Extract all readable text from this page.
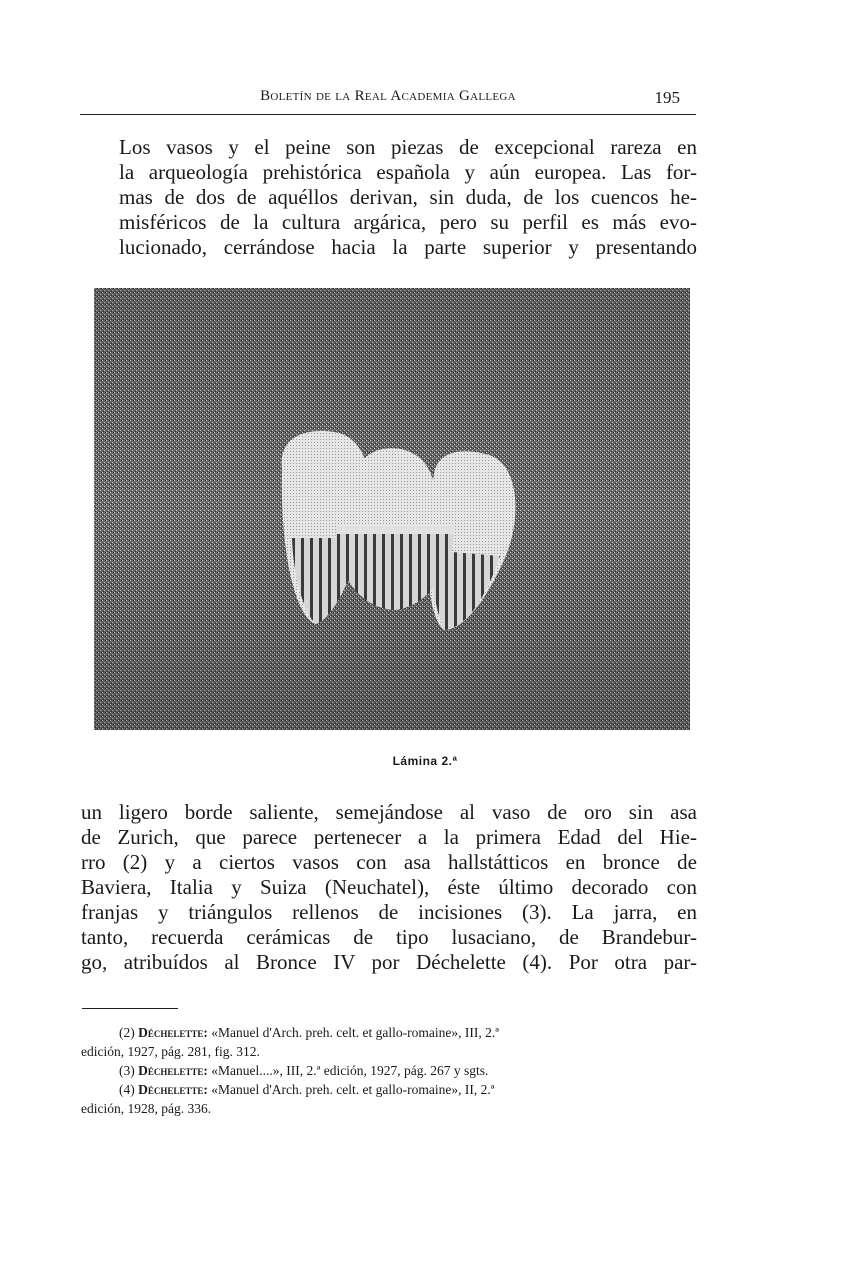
Boletín de la Real Academia Gallega	195
Los vasos y el peine son piezas de excepcional rareza en
la arqueología prehistórica española y aún europea. Las for-
mas de dos de aquéllos derivan, sin duda, de los cuencos he-
misféricos de la cultura argárica, pero su perfil es más evo-
lucionado, cerrándose hacia la parte superior y presentando
Lámina 2.ª
un ligero borde saliente, semejándose al vaso de oro sin asa
de Zurich, que parece pertenecer a la primera Edad del Hie-
rro (2) y a ciertos vasos con asa hallstátticos en bronce de
Baviera, Italia y Suiza (Neuchatel), éste último decorado con
franjas y triángulos rellenos de incisiones (3). La jarra, en
tanto, recuerda cerámicas de tipo lusaciano, de Brandebur-
go, atribuídos al Bronce IV por Déchelette (4). Por otra par-
(2) Déchelette: «Manuel d'Arch. preh. celt. et gallo-romaine», III, 2.ª
edición, 1927, pág. 281, fig. 312.
(3) Déchelette: «Manuel....», III, 2.ª edición, 1927, pág. 267 y sgts.
(4) Déchelette: «Manuel d'Arch. preh. celt. et gallo-romaine», II, 2.ª
edición, 1928, pág. 336.
